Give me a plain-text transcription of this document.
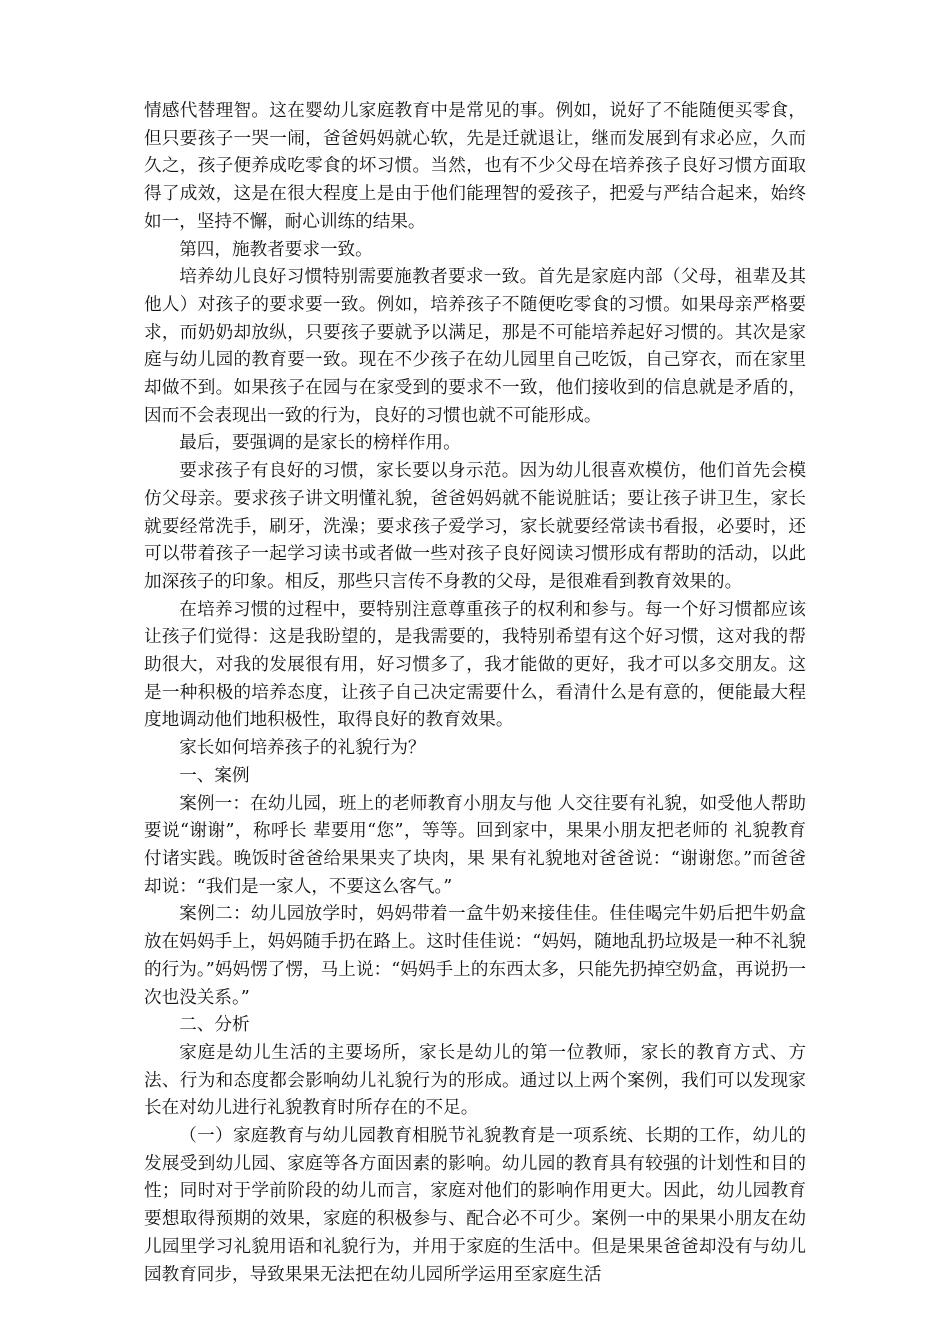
情感代替理智。这在婴幼儿家庭教育中是常见的事。例如，说好了不能随便买零食，但只要孩子一哭一闹，爸爸妈妈就心软，先是迁就退让，继而发展到有求必应，久而久之，孩子便养成吃零食的坏习惯。当然，也有不少父母在培养孩子良好习惯方面取得了成效，这是在很大程度上是由于他们能理智的爱孩子，把爱与严结合起来，始终如一，坚持不懈，耐心训练的结果。

第四，施教者要求一致。

培养幼儿良好习惯特别需要施教者要求一致。首先是家庭内部（父母，祖辈及其他人）对孩子的要求要一致。例如，培养孩子不随便吃零食的习惯。如果母亲严格要求，而奶奶却放纵，只要孩子要就予以满足，那是不可能培养起好习惯的。其次是家庭与幼儿园的教育要一致。现在不少孩子在幼儿园里自己吃饭，自己穿衣，而在家里却做不到。如果孩子在园与在家受到的要求不一致，他们接收到的信息就是矛盾的，因而不会表现出一致的行为，良好的习惯也就不可能形成。

最后，要强调的是家长的榜样作用。

要求孩子有良好的习惯，家长要以身示范。因为幼儿很喜欢模仿，他们首先会模仿父母亲。要求孩子讲文明懂礼貌，爸爸妈妈就不能说脏话；要让孩子讲卫生，家长就要经常洗手，刷牙，洗澡；要求孩子爱学习，家长就要经常读书看报，必要时，还可以带着孩子一起学习读书或者做一些对孩子良好阅读习惯形成有帮助的活动，以此加深孩子的印象。相反，那些只言传不身教的父母，是很难看到教育效果的。

在培养习惯的过程中，要特别注意尊重孩子的权利和参与。每一个好习惯都应该让孩子们觉得：这是我盼望的，是我需要的，我特别希望有这个好习惯，这对我的帮助很大，对我的发展很有用，好习惯多了，我才能做的更好，我才可以多交朋友。这是一种积极的培养态度，让孩子自己决定需要什么，看清什么是有意的，便能最大程度地调动他们地积极性，取得良好的教育效果。

家长如何培养孩子的礼貌行为？

一、案例

案例一：在幼儿园，班上的老师教育小朋友与他 人交往要有礼貌，如受他人帮助要说“谢谢”，称呼长 辈要用“您”，等等。回到家中，果果小朋友把老师的 礼貌教育付诸实践。晚饭时爸爸给果果夹了块肉，果 果有礼貌地对爸爸说：“谢谢您。”而爸爸却说：“我们是一家人，不要这么客气。”

案例二：幼儿园放学时，妈妈带着一盒牛奶来接佳佳。佳佳喝完牛奶后把牛奶盒放在妈妈手上，妈妈随手扔在路上。这时佳佳说：“妈妈，随地乱扔垃圾是一种不礼貌的行为。”妈妈愣了愣，马上说：“妈妈手上的东西太多，只能先扔掉空奶盒，再说扔一次也没关系。”

二、分析

家庭是幼儿生活的主要场所，家长是幼儿的第一位教师，家长的教育方式、方法、行为和态度都会影响幼儿礼貌行为的形成。通过以上两个案例，我们可以发现家长在对幼儿进行礼貌教育时所存在的不足。

（一）家庭教育与幼儿园教育相脱节礼貌教育是一项系统、长期的工作，幼儿的发展受到幼儿园、家庭等各方面因素的影响。幼儿园的教育具有较强的计划性和目的性；同时对于学前阶段的幼儿而言，家庭对他们的影响作用更大。因此，幼儿园教育要想取得预期的效果，家庭的积极参与、配合必不可少。案例一中的果果小朋友在幼儿园里学习礼貌用语和礼貌行为，并用于家庭的生活中。但是果果爸爸却没有与幼儿园教育同步，导致果果无法把在幼儿园所学运用至家庭生活
